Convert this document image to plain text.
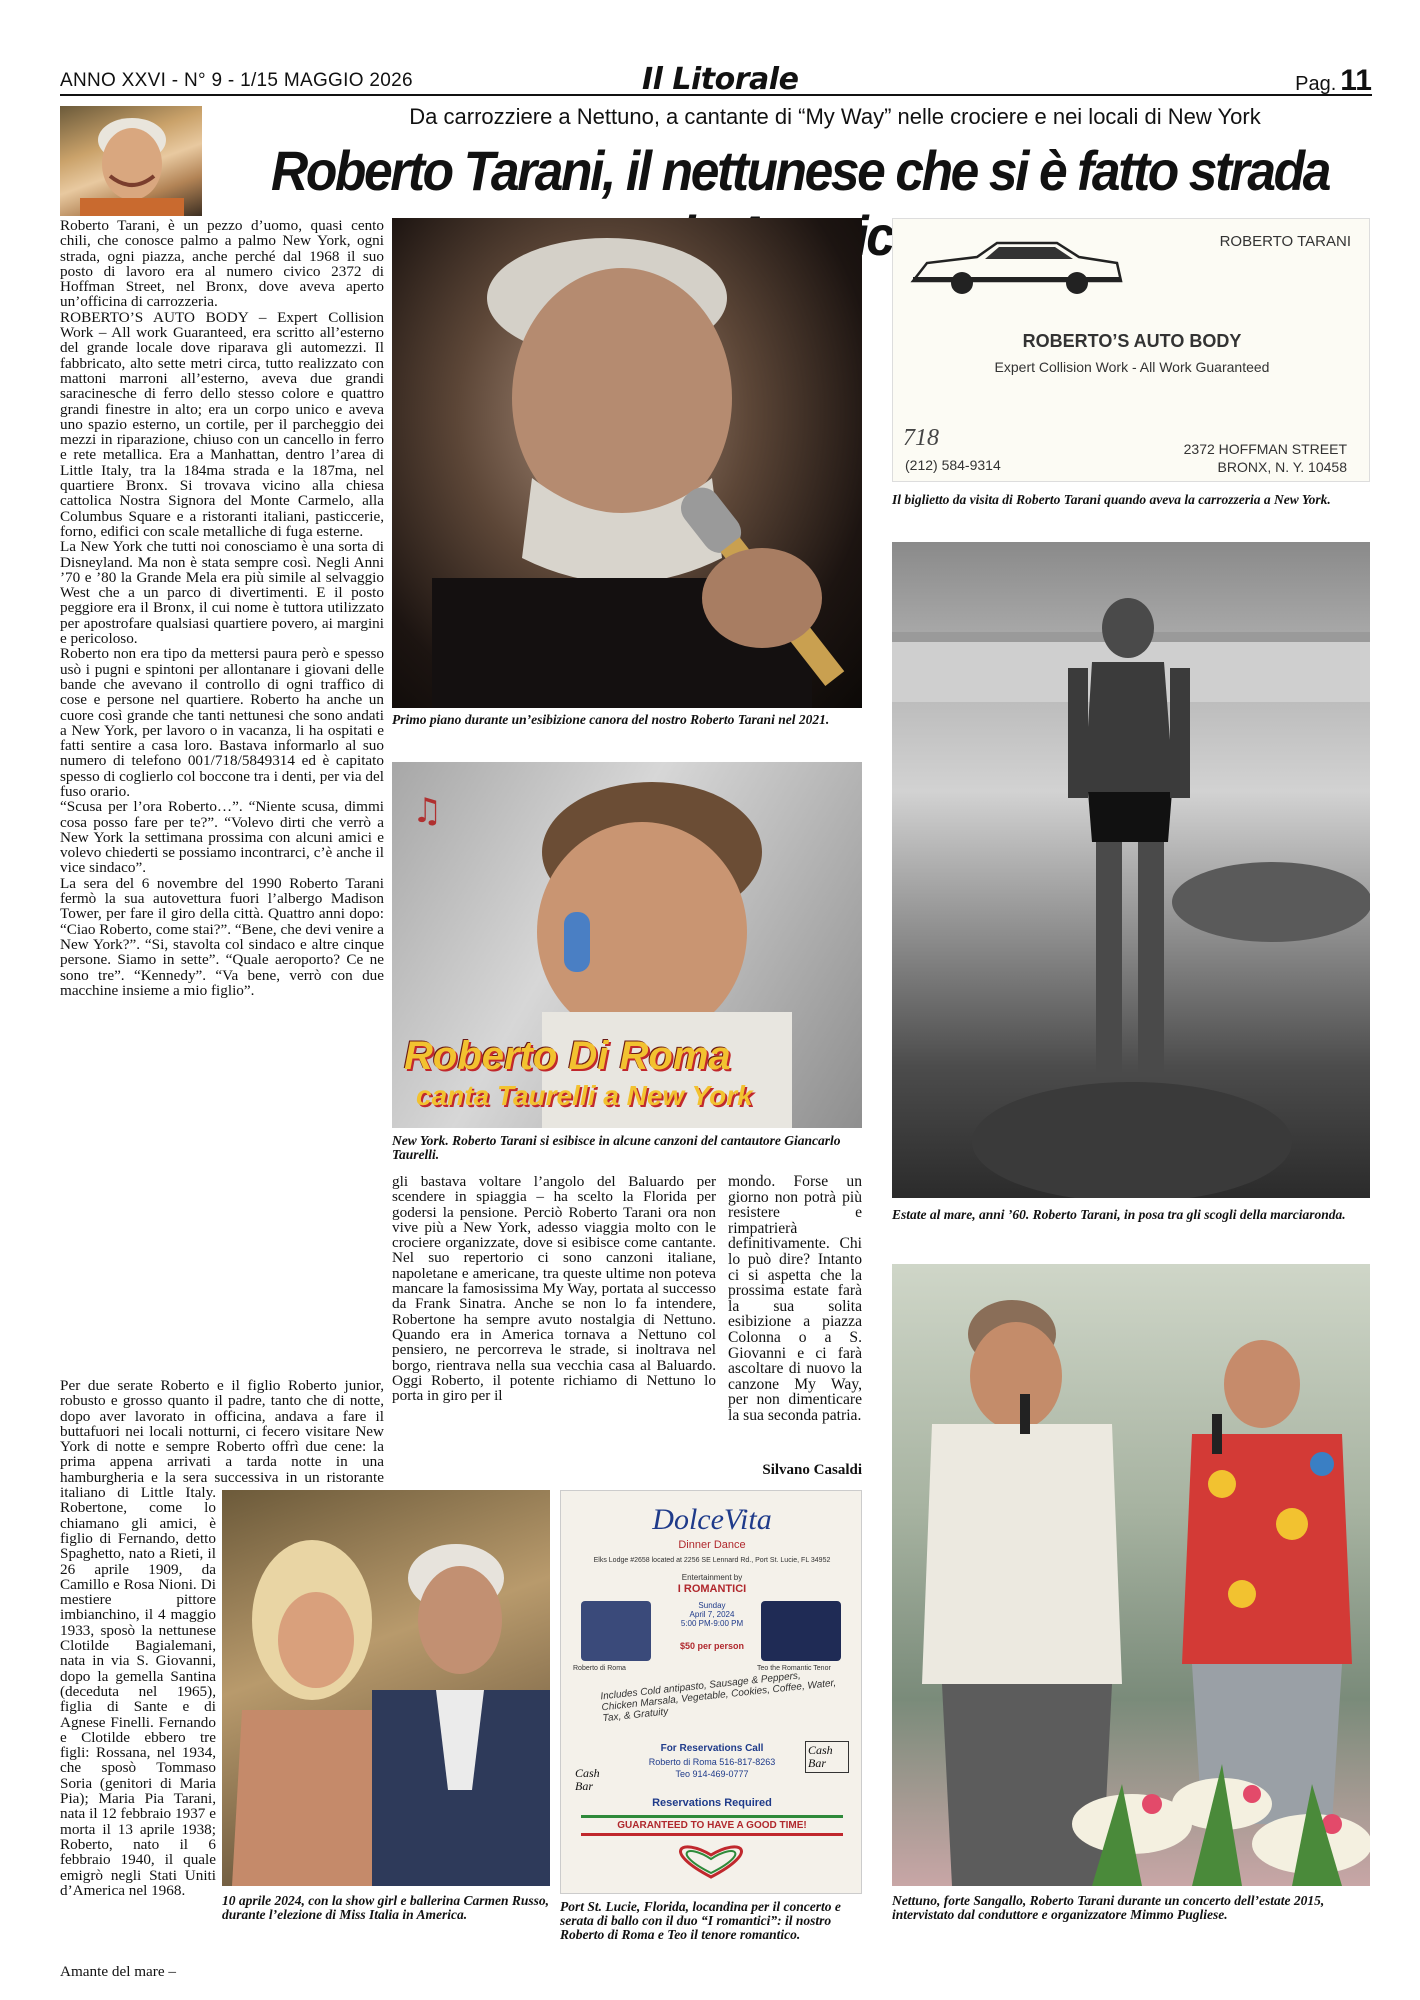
ANNO XXVI - N° 9 - 1/15 MAGGIO 2026	Il Litorale	Pag. 11
Da carrozziere a Nettuno, a cantante di “My Way” nelle crociere e nei locali di New York
Roberto Tarani, il nettunese che si è fatto strada

Roberto Tarani, è un pezzo d’uomo, quasi cento chili, che conosce palmo a palmo New York, ogni strada, ogni piazza, anche perché dal 1968 il suo posto di lavoro era al numero civico 2372 di Hoffman Street, nel Bronx, dove aveva aperto un’officina di carrozzeria.

ROBERTO’S AUTO BODY – Expert Collision Work – All work Guaranteed, era scritto all’esterno del grande locale dove riparava gli automezzi. Il fabbricato, alto sette metri circa, tutto realizzato con mattoni marroni all’esterno, aveva due grandi saracinesche di ferro dello stesso colore e quattro grandi finestre in alto; era un corpo unico e aveva uno spazio esterno, un cortile, per il parcheggio dei mezzi in riparazione, chiuso con un cancello in ferro e rete metallica. Era a Manhattan, dentro l’area di Little Italy, tra la 184ma strada e la 187ma, nel quartiere Bronx. Si trovava vicino alla chiesa cattolica Nostra Signora del Monte Carmelo, alla Columbus Square e a ristoranti italiani, pasticcerie, forno, edifici con scale metalliche di fuga esterne.

La New York che tutti noi conosciamo è una sorta di Disneyland. Ma non è stata sempre così. Negli Anni ’70 e ’80 la Grande Mela era più simile al selvaggio West che a un parco di divertimenti. E il posto peggiore era il Bronx, il cui nome è tuttora utilizzato per apostrofare qualsiasi quartiere povero, ai margini e pericoloso.

Roberto non era tipo da mettersi paura però e spesso usò i pugni e spintoni per allontanare i giovani delle bande che avevano il controllo di ogni traffico di cose e persone nel quartiere. Roberto ha anche un cuore così grande che tanti nettunesi che sono andati a New York, per lavoro o in vacanza, li ha ospitati e fatti sentire a casa loro. Bastava informarlo al suo numero di telefono 001/718/5849314 ed è capitato spesso di coglierlo col boccone tra i denti, per via del fuso orario.

“Scusa per l’ora Roberto…”. “Niente scusa, dimmi cosa posso fare per te?”. “Volevo dirti che verrò a New York la settimana prossima con alcuni amici e volevo chiederti se possiamo incontrarci, c’è anche il vice sindaco”.

La sera del 6 novembre del 1990 Roberto Tarani fermò la sua autovettura fuori l’albergo Madison Tower, per fare il giro della città. Quattro anni dopo: “Ciao Roberto, come stai?”. “Bene, che devi venire a New York?”. “Si, stavolta col sindaco e altre cinque persone. Siamo in sette”. “Quale aeroporto? Ce ne sono tre”. “Kennedy”. “Va bene, verrò con due macchine insieme a mio figlio”.

Per due serate Roberto e il figlio Roberto junior, robusto e grosso quanto il padre, tanto che di notte, dopo aver lavorato in officina, andava a fare il buttafuori nei locali notturni, ci fecero visitare New York di notte e sempre Roberto offrì due cene: la prima appena arrivati a tarda notte in una hamburgheria e la sera successiva in un ristorante italiano di Little Italy. Robertone, come lo chiamano gli amici, è figlio di Fernando, detto Spaghetto, nato a Rieti, il 26 aprile 1909, da Camillo e Rosa Nioni. Di mestiere pittore imbianchino, il 4 maggio 1933, sposò la nettunese Clotilde Bagialemani, nata in via S. Giovanni, dopo la gemella Santina (deceduta nel 1965), figlia di Sante e di Agnese Finelli. Fernando e Clotilde ebbero tre figli: Rossana, nel 1934, che sposò Tommaso Soria (genitori di Maria Pia); Maria Pia Tarani, nata il 12 febbraio 1937 e morta il 13 aprile 1938; Roberto, nato il 6 febbraio 1940, il quale emigrò negli Stati Uniti d’America nel 1968.

Primo piano durante un’esibizione canora del nostro Roberto Tarani nel 2021.
ROBERTO TARANI
ROBERTO’S AUTO BODY
Expert Collision Work - All Work Guaranteed
718
(212) 584-9314
2372 HOFFMAN STREET
BRONX, N. Y. 10458
Il biglietto da visita di Roberto Tarani quando aveva la carrozzeria a New York.
♫
Roberto Di Roma
canta Taurelli a New York
New York. Roberto Tarani si esibisce in alcune canzoni del cantautore Giancarlo Taurelli.
Estate al mare, anni ’60. Roberto Tarani, in posa tra gli scogli della marciaronda.

gli bastava voltare l’angolo del Baluardo per scendere in spiaggia – ha scelto la Florida per godersi la pensione. Perciò Roberto Tarani ora non vive più a New York, adesso viaggia molto con le crociere organizzate, dove si esibisce come cantante. Nel suo repertorio ci sono canzoni italiane, napoletane e americane, tra queste ultime non poteva mancare la famosissima My Way, portata al successo da Frank Sinatra. Anche se non lo fa intendere, Robertone ha sempre avuto nostalgia di Nettuno. Quando era in America tornava a Nettuno col pensiero, ne percorreva le strade, si inoltrava nel borgo, rientrava nella sua vecchia casa al Baluardo. Oggi Roberto, il potente richiamo di Nettuno lo porta in giro per il

mondo. Forse un giorno non potrà più resistere e rimpatrierà definitivamente. Chi lo può dire? Intanto ci si aspetta che la prossima estate farà la sua solita esibizione a piazza Colonna o a S. Giovanni e ci farà ascoltare di nuovo la canzone My Way, per non dimenticare la sua seconda patria.

Silvano Casaldi
10 aprile 2024, con la show girl e ballerina Carmen Russo, durante l’elezione di Miss Italia in America.
DolceVita
Dinner Dance
Elks Lodge #2658 located at 2256 SE Lennard Rd., Port St. Lucie, FL 34952
Entertainment by
I ROMANTICI
Sunday
April 7, 2024
5:00 PM-9:00 PM
$50 per person
Roberto di Roma	Teo the Romantic Tenor
Includes Cold antipasto, Sausage & Peppers, Chicken Marsala, Vegetable, Cookies, Coffee, Water, Tax, & Gratuity
For Reservations Call
Roberto di Roma 516-817-8263
Teo 914-469-0777
Cash Bar
Cash Bar
Reservations Required
GUARANTEED TO HAVE A GOOD TIME!
Port St. Lucie, Florida, locandina per il concerto e serata di ballo con il duo “I romantici”: il nostro Roberto di Roma e Teo il tenore romantico.
Nettuno, forte Sangallo, Roberto Tarani durante un concerto dell’estate 2015, intervistato dal conduttore e organizzatore Mimmo Pugliese.

Amante del mare –
